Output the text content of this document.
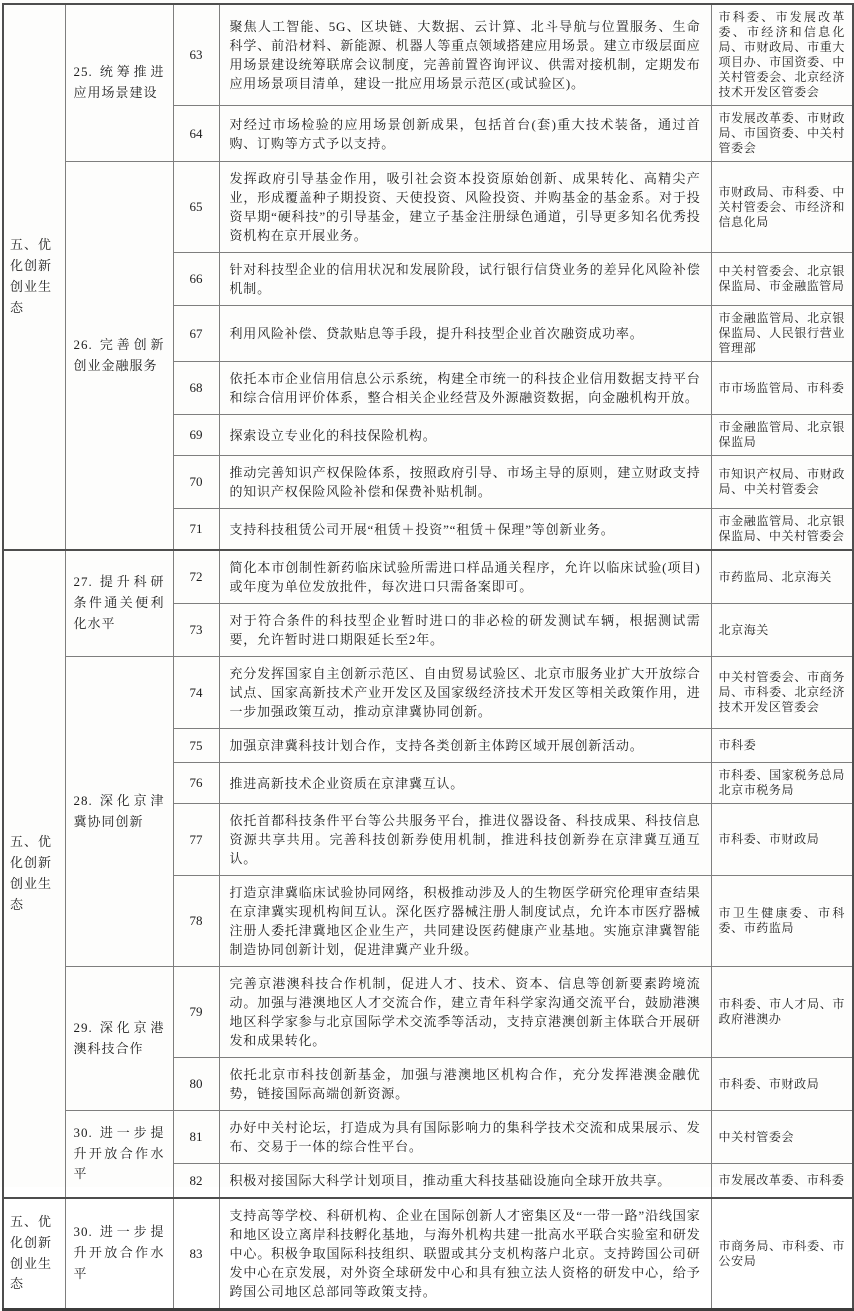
五、优化创新创业生态	25. 统筹推进应用场景建设	63	聚焦人工智能、5G、区块链、大数据、云计算、北斗导航与位置服务、生命科学、前沿材料、新能源、机器人等重点领域搭建应用场景。建立市级层面应用场景建设统筹联席会议制度，完善前置咨询评议、供需对接机制，定期发布应用场景项目清单，建设一批应用场景示范区(或试验区)。	市科委、市发展改革委、市经济和信息化局、市财政局、市重大项目办、市国资委、中关村管委会、北京经济技术开发区管委会
		64	对经过市场检验的应用场景创新成果，包括首台(套)重大技术装备，通过首购、订购等方式予以支持。	市发展改革委、市财政局、市国资委、中关村管委会
	26. 完善创新创业金融服务	65	发挥政府引导基金作用，吸引社会资本投资原始创新、成果转化、高精尖产业，形成覆盖种子期投资、天使投资、风险投资、并购基金的基金系。对于投资早期“硬科技”的引导基金，建立子基金注册绿色通道，引导更多知名优秀投资机构在京开展业务。	市财政局、市科委、中关村管委会、市经济和信息化局
		66	针对科技型企业的信用状况和发展阶段，试行银行信贷业务的差异化风险补偿机制。	中关村管委会、北京银保监局、市金融监管局
		67	利用风险补偿、贷款贴息等手段，提升科技型企业首次融资成功率。	市金融监管局、北京银保监局、人民银行营业管理部
		68	依托本市企业信用信息公示系统，构建全市统一的科技企业信用数据支持平台和综合信用评价体系，整合相关企业经营及外源融资数据，向金融机构开放。	市市场监管局、市科委
		69	探索设立专业化的科技保险机构。	市金融监管局、北京银保监局
		70	推动完善知识产权保险体系，按照政府引导、市场主导的原则，建立财政支持的知识产权保险风险补偿和保费补贴机制。	市知识产权局、市财政局、中关村管委会
		71	支持科技租赁公司开展“租赁＋投资”“租赁＋保理”等创新业务。	市金融监管局、北京银保监局、中关村管委会
五、优化创新创业生态	27. 提升科研条件通关便利化水平	72	简化本市创制性新药临床试验所需进口样品通关程序，允许以临床试验(项目)或年度为单位发放批件，每次进口只需备案即可。	市药监局、北京海关
		73	对于符合条件的科技型企业暂时进口的非必检的研发测试车辆，根据测试需要，允许暂时进口期限延长至2年。	北京海关
	28. 深化京津冀协同创新	74	充分发挥国家自主创新示范区、自由贸易试验区、北京市服务业扩大开放综合试点、国家高新技术产业开发区及国家级经济技术开发区等相关政策作用，进一步加强政策互动，推动京津冀协同创新。	中关村管委会、市商务局、市科委、北京经济技术开发区管委会
		75	加强京津冀科技计划合作，支持各类创新主体跨区域开展创新活动。	市科委
		76	推进高新技术企业资质在京津冀互认。	市科委、国家税务总局北京市税务局
		77	依托首都科技条件平台等公共服务平台，推进仪器设备、科技成果、科技信息资源共享共用。完善科技创新券使用机制，推进科技创新券在京津冀互通互认。	市科委、市财政局
		78	打造京津冀临床试验协同网络，积极推动涉及人的生物医学研究伦理审查结果在京津冀实现机构间互认。深化医疗器械注册人制度试点，允许本市医疗器械注册人委托津冀地区企业生产，共同建设医药健康产业基地。实施京津冀智能制造协同创新计划，促进津冀产业升级。	市卫生健康委、市科委、市药监局
	29. 深化京港澳科技合作	79	完善京港澳科技合作机制，促进人才、技术、资本、信息等创新要素跨境流动。加强与港澳地区人才交流合作，建立青年科学家沟通交流平台，鼓励港澳地区科学家参与北京国际学术交流季等活动，支持京港澳创新主体联合开展研发和成果转化。	市科委、市人才局、市政府港澳办
		80	依托北京市科技创新基金，加强与港澳地区机构合作，充分发挥港澳金融优势，链接国际高端创新资源。	市科委、市财政局
	30. 进一步提升开放合作水平	81	办好中关村论坛，打造成为具有国际影响力的集科学技术交流和成果展示、发布、交易于一体的综合性平台。	中关村管委会
		82	积极对接国际大科学计划项目，推动重大科技基础设施向全球开放共享。	市发展改革委、市科委
五、优化创新创业生态	30. 进一步提升开放合作水平	83	支持高等学校、科研机构、企业在国际创新人才密集区及“一带一路”沿线国家和地区设立离岸科技孵化基地，与海外机构共建一批高水平联合实验室和研发中心。积极争取国际科技组织、联盟或其分支机构落户北京。支持跨国公司研发中心在京发展，对外资全球研发中心和具有独立法人资格的研发中心，给予跨国公司地区总部同等政策支持。	市商务局、市科委、市公安局
